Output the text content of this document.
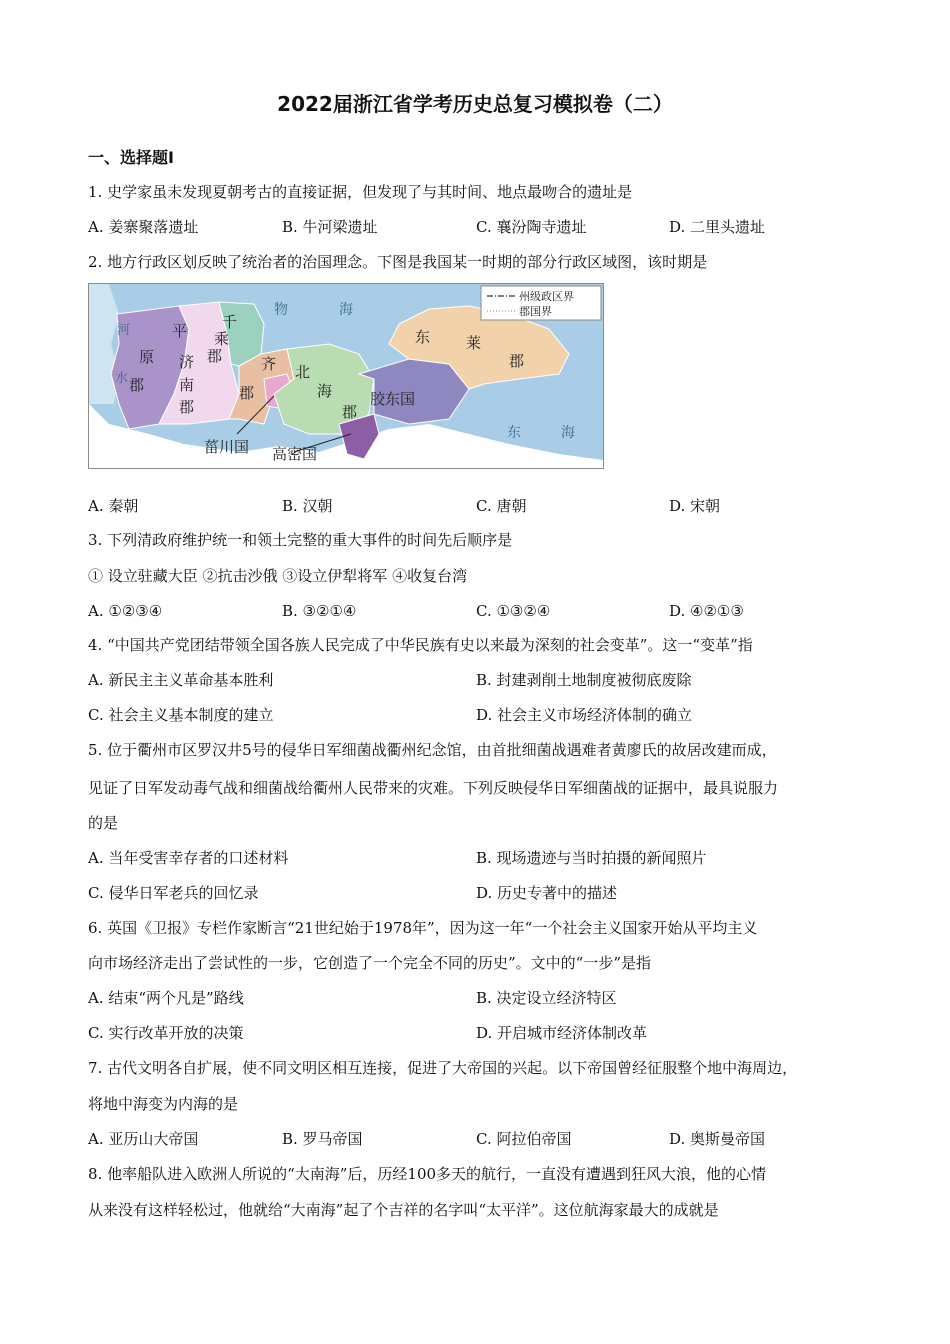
2022届浙江省学考历史总复习模拟卷（二）
一、选择题Ⅰ
1. 史学家虽未发现夏朝考古的直接证据，但发现了与其时间、地点最吻合的遗址是
A. 姜寨聚落遗址	B. 牛河梁遗址	C. 襄汾陶寺遗址	D. 二里头遗址
2. 地方行政区划反映了统治者的治国理念。下图是我国某一时期的部分行政区域图，该时期是
州级政区界
郡国界
物	海
河
水
平
原
郡
济
南
郡
千
乘
郡	齐
郡
北
海
郡
胶东国
东 莱
郡
东	海
菑川国 高密国
A. 秦朝	B. 汉朝	C. 唐朝	D. 宋朝
3. 下列清政府维护统一和领土完整的重大事件的时间先后顺序是
① 设立驻藏大臣 ②抗击沙俄 ③设立伊犁将军 ④收复台湾
A. ①②③④	B. ③②①④	C. ①③②④	D. ④②①③
4. “中国共产党团结带领全国各族人民完成了中华民族有史以来最为深刻的社会变革”。这一“变革”指
A. 新民主主义革命基本胜利	B. 封建剥削土地制度被彻底废除
C. 社会主义基本制度的建立	D. 社会主义市场经济体制的确立
5. 位于衢州市区罗汉井5号的侵华日军细菌战衢州纪念馆，由首批细菌战遇难者黄廖氏的故居改建而成，
见证了日军发动毒气战和细菌战给衢州人民带来的灾难。下列反映侵华日军细菌战的证据中，最具说服力
的是
A. 当年受害幸存者的口述材料	B. 现场遗迹与当时拍摄的新闻照片
C. 侵华日军老兵的回忆录	D. 历史专著中的描述
6. 英国《卫报》专栏作家断言“21世纪始于1978年”，因为这一年“一个社会主义国家开始从平均主义
向市场经济走出了尝试性的一步，它创造了一个完全不同的历史”。文中的“一步”是指
A. 结束“两个凡是”路线	B. 决定设立经济特区
C. 实行改革开放的决策	D. 开启城市经济体制改革
7. 古代文明各自扩展，使不同文明区相互连接，促进了大帝国的兴起。以下帝国曾经征服整个地中海周边，
将地中海变为内海的是
A. 亚历山大帝国	B. 罗马帝国	C. 阿拉伯帝国	D. 奥斯曼帝国
8. 他率船队进入欧洲人所说的“大南海”后，历经100多天的航行，一直没有遭遇到狂风大浪，他的心情
从来没有这样轻松过，他就给“大南海”起了个吉祥的名字叫“太平洋”。这位航海家最大的成就是
